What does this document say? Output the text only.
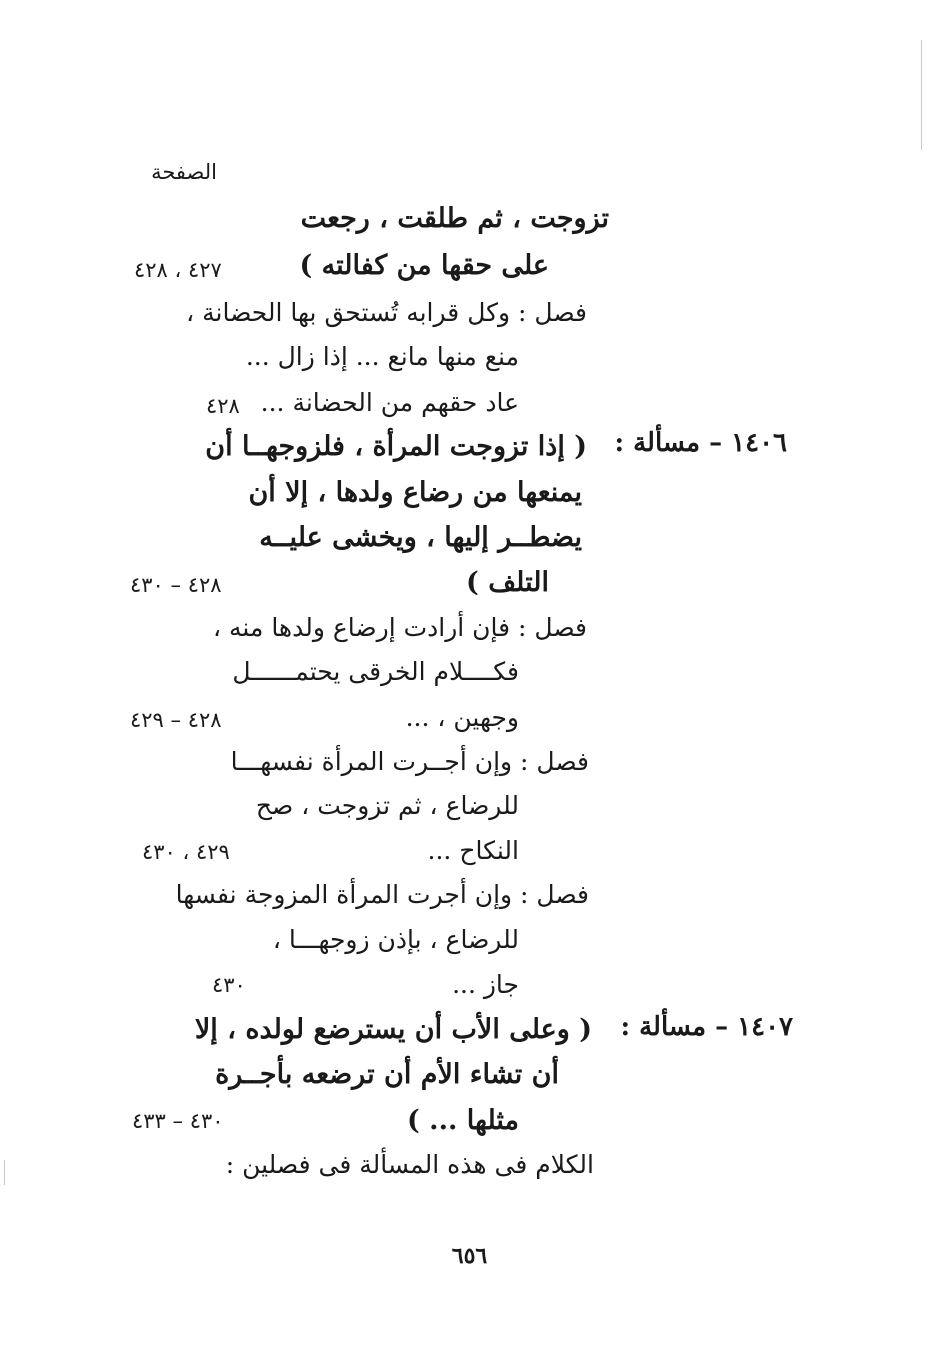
الصفحة
تزوجت ، ثم طلقت ، رجعت
على حقها من كفالته )
٤٢٧ ، ٤٢٨
فصل : وكل قرابه تُستحق بها الحضانة ،
منع منها مانع ... إذا زال ...
عاد حقهم من الحضانة ...
٤٢٨
١٤٠٦ – مسألة :
( إذا تزوجت المرأة ، فلزوجهــا أن
يمنعها من رضاع ولدها ، إلا أن
يضطــر إليها ، ويخشى عليــه
التلف )
٤٢٨ – ٤٣٠
فصل : فإن أرادت إرضاع ولدها منه ،
فكــــلام الخرقى يحتمــــــل
وجهين ، ...
٤٢٨ – ٤٢٩
فصل : وإن أجــرت المرأة نفسهـــا
للرضاع ، ثم تزوجت ، صح
النكاح ...
٤٢٩ ، ٤٣٠
فصل : وإن أجرت المرأة المزوجة نفسها
للرضاع ، بإذن زوجهـــا ،
جاز ...
٤٣٠
١٤٠٧ – مسألة :
( وعلى الأب أن يسترضع لولده ، إلا
أن تشاء الأم أن ترضعه بأجــرة
مثلها ... )
٤٣٠ – ٤٣٣
الكلام فى هذه المسألة فى فصلين :
٦٥٦
